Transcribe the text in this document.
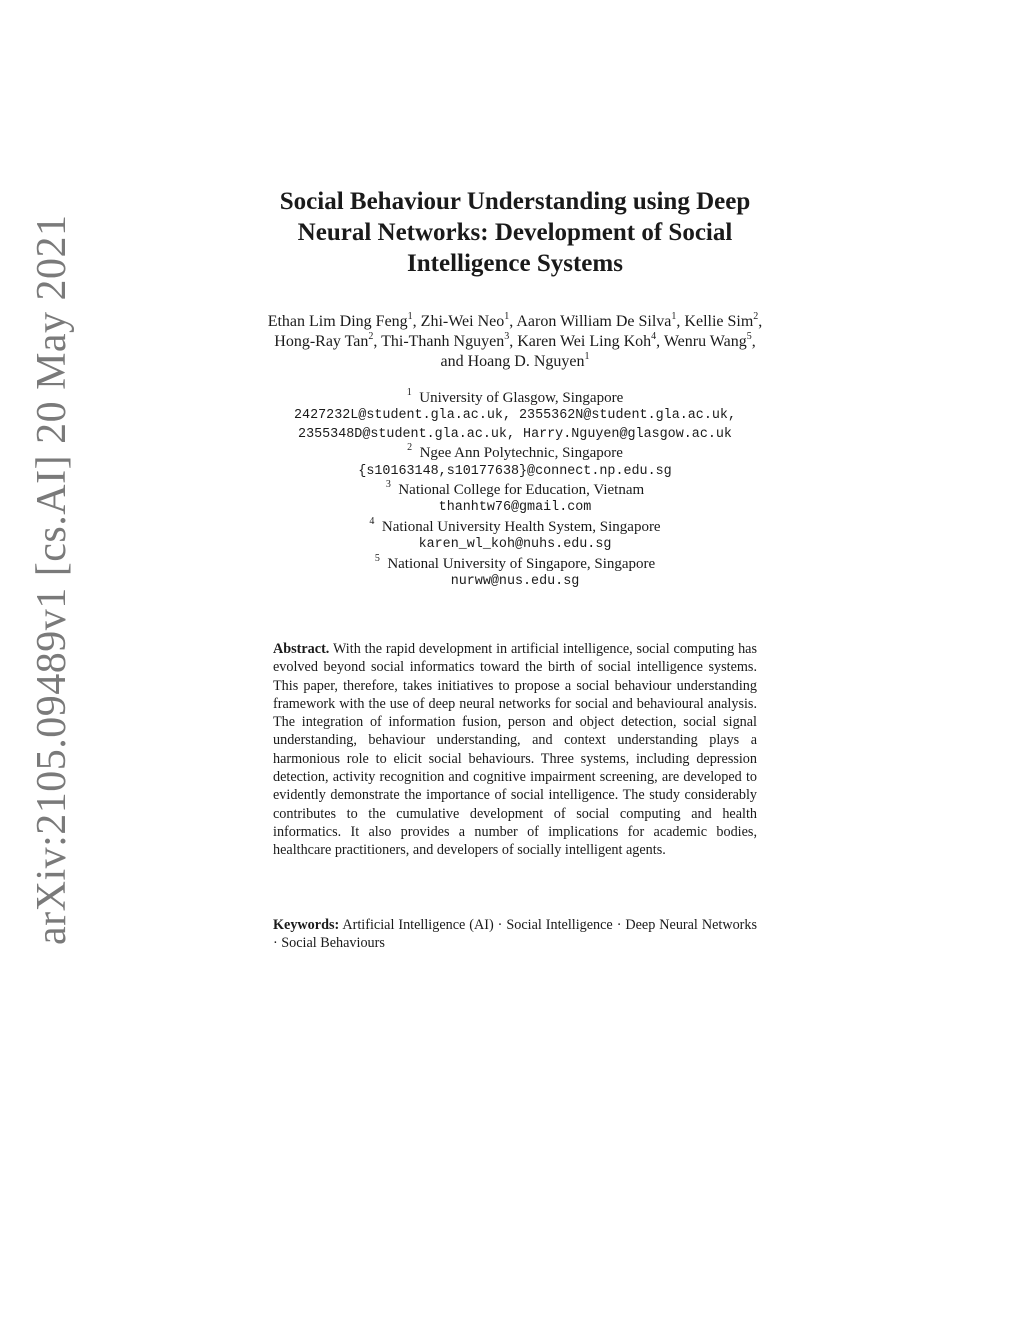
arXiv:2105.09489v1 [cs.AI] 20 May 2021
Social Behaviour Understanding using Deep
Neural Networks: Development of Social
Intelligence Systems
Ethan Lim Ding Feng$^1$, Zhi-Wei Neo$^1$, Aaron William De Silva$^1$, Kellie Sim$^2$,
Hong-Ray Tan$^2$, Thi-Thanh Nguyen$^3$, Karen Wei Ling Koh$^4$, Wenru Wang$^5$,
and Hoang D. Nguyen$^1$
$^1$ University of Glasgow, Singapore
2427232L@student.gla.ac.uk, 2355362N@student.gla.ac.uk,
2355348D@student.gla.ac.uk, Harry.Nguyen@glasgow.ac.uk
$^2$ Ngee Ann Polytechnic, Singapore
{s10163148,s10177638}@connect.np.edu.sg
$^3$ National College for Education, Vietnam
thanhtw76@gmail.com
$^4$ National University Health System, Singapore
karen_wl_koh@nuhs.edu.sg
$^5$ National University of Singapore, Singapore
nurww@nus.edu.sg

Abstract. With the rapid development in artificial intelligence, social computing has evolved beyond social informatics toward the birth of social intelligence systems. This paper, therefore, takes initiatives to propose a social behaviour understanding framework with the use of deep neural networks for social and behavioural analysis. The integration of information fusion, person and object detection, social signal understanding, behaviour understanding, and context understanding plays a harmonious role to elicit social behaviours. Three systems, including depression detection, activity recognition and cognitive impairment screening, are developed to evidently demonstrate the importance of social intelligence. The study considerably contributes to the cumulative development of social computing and health informatics. It also provides a number of implications for academic bodies, healthcare practitioners, and developers of socially intelligent agents.

Keywords: Artificial Intelligence (AI) · Social Intelligence · Deep Neural Networks · Social Behaviours
